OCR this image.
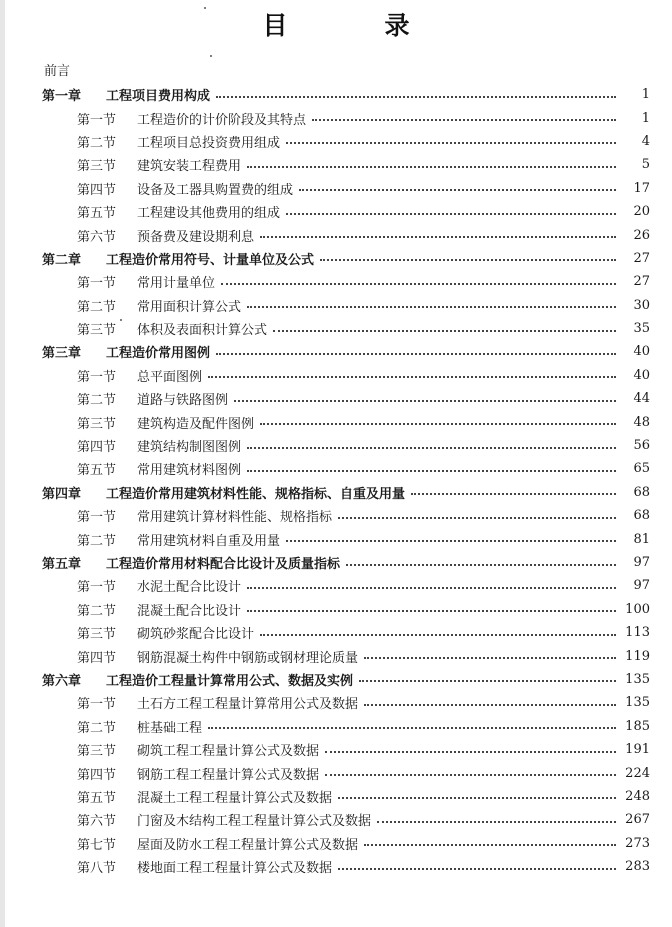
目　录
前言
第一章	工程项目费用构成	1
第一节	工程造价的计价阶段及其特点	1
第二节	工程项目总投资费用组成	4
第三节	建筑安装工程费用	5
第四节	设备及工器具购置费的组成	17
第五节	工程建设其他费用的组成	20
第六节	预备费及建设期利息	26
第二章	工程造价常用符号、计量单位及公式	27
第一节	常用计量单位	27
第二节	常用面积计算公式	30
第三节	体积及表面积计算公式	35
第三章	工程造价常用图例	40
第一节	总平面图例	40
第二节	道路与铁路图例	44
第三节	建筑构造及配件图例	48
第四节	建筑结构制图图例	56
第五节	常用建筑材料图例	65
第四章	工程造价常用建筑材料性能、规格指标、自重及用量	68
第一节	常用建筑计算材料性能、规格指标	68
第二节	常用建筑材料自重及用量	81
第五章	工程造价常用材料配合比设计及质量指标	97
第一节	水泥土配合比设计	97
第二节	混凝土配合比设计	100
第三节	砌筑砂浆配合比设计	113
第四节	钢筋混凝土构件中钢筋或钢材理论质量	119
第六章	工程造价工程量计算常用公式、数据及实例	135
第一节	土石方工程工程量计算常用公式及数据	135
第二节	桩基础工程	185
第三节	砌筑工程工程量计算公式及数据	191
第四节	钢筋工程工程量计算公式及数据	224
第五节	混凝土工程工程量计算公式及数据	248
第六节	门窗及木结构工程工程量计算公式及数据	267
第七节	屋面及防水工程工程量计算公式及数据	273
第八节	楼地面工程工程量计算公式及数据	283
